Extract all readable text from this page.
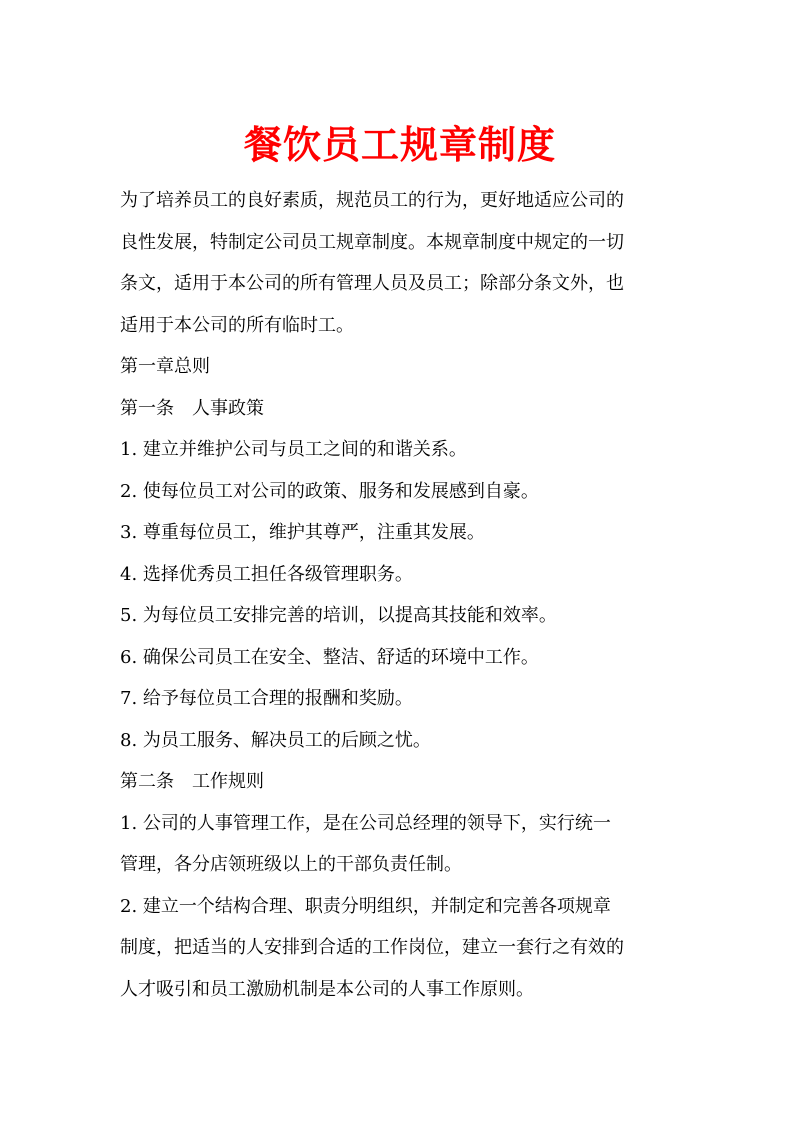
餐饮员工规章制度
为了培养员工的良好素质，规范员工的行为，更好地适应公司的
良性发展，特制定公司员工规章制度。本规章制度中规定的一切
条文，适用于本公司的所有管理人员及员工；除部分条文外，也
适用于本公司的所有临时工。
第一章总则
第一条　人事政策
1. 建立并维护公司与员工之间的和谐关系。
2. 使每位员工对公司的政策、服务和发展感到自豪。
3. 尊重每位员工，维护其尊严，注重其发展。
4. 选择优秀员工担任各级管理职务。
5. 为每位员工安排完善的培训，以提高其技能和效率。
6. 确保公司员工在安全、整洁、舒适的环境中工作。
7. 给予每位员工合理的报酬和奖励。
8. 为员工服务、解决员工的后顾之忧。
第二条　工作规则
1. 公司的人事管理工作，是在公司总经理的领导下，实行统一
管理，各分店领班级以上的干部负责任制。
2. 建立一个结构合理、职责分明组织，并制定和完善各项规章
制度，把适当的人安排到合适的工作岗位，建立一套行之有效的
人才吸引和员工激励机制是本公司的人事工作原则。
